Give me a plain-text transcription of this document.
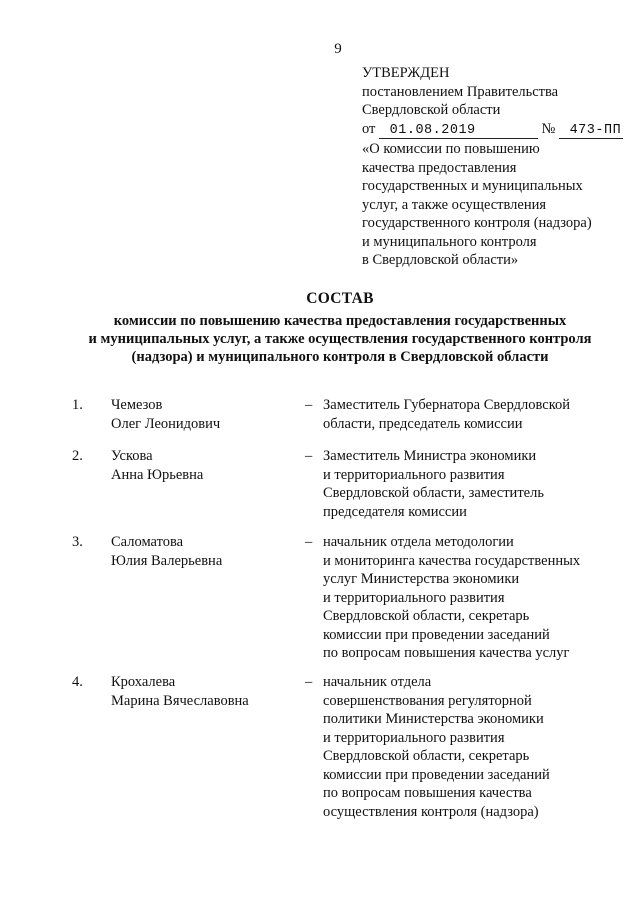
9
УТВЕРЖДЕН
постановлением Правительства
Свердловской области
от 01.08.2019	№ 473-ПП
«О комиссии по повышению
качества предоставления
государственных и муниципальных
услуг, а также осуществления
государственного контроля (надзора)
и муниципального контроля
в Свердловской области»
СОСТАВ
комиссии по повышению качества предоставления государственных
и муниципальных услуг, а также осуществления государственного контроля
(надзора) и муниципального контроля в Свердловской области
1. Чемезов
Олег Леонидович
– Заместитель Губернатора Свердловской
области, председатель комиссии
2. Ускова
Анна Юрьевна
– Заместитель Министра экономики
и территориального развития
Свердловской области, заместитель
председателя комиссии
3. Саломатова
Юлия Валерьевна
– начальник отдела методологии
и мониторинга качества государственных
услуг Министерства экономики
и территориального развития
Свердловской области, секретарь
комиссии при проведении заседаний
по вопросам повышения качества услуг
4. Крохалева
Марина Вячеславовна
– начальник отдела
совершенствования регуляторной
политики Министерства экономики
и территориального развития
Свердловской области, секретарь
комиссии при проведении заседаний
по вопросам повышения качества
осуществления контроля (надзора)
